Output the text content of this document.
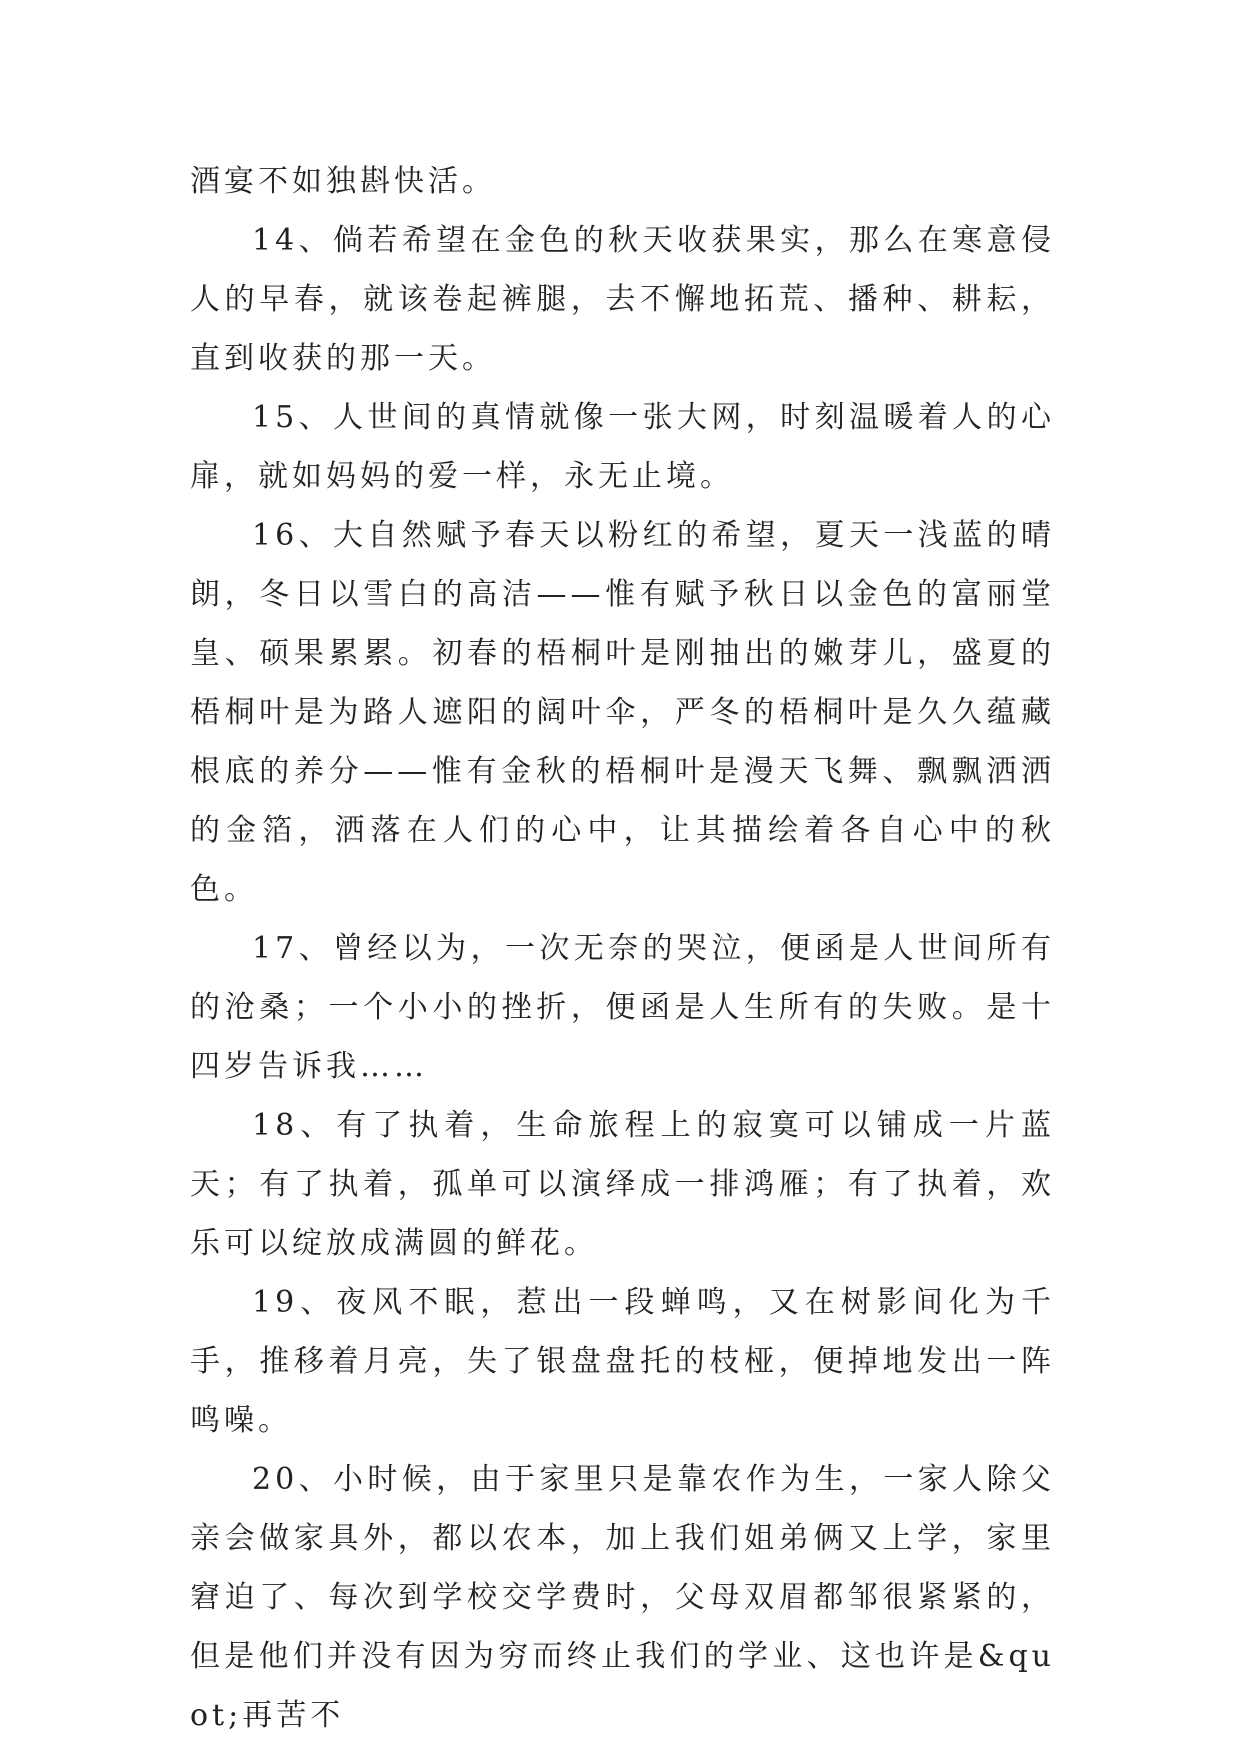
酒宴不如独斟快活。

14、倘若希望在金色的秋天收获果实，那么在寒意侵人的早春，就该卷起裤腿，去不懈地拓荒、播种、耕耘，直到收获的那一天。

15、人世间的真情就像一张大网，时刻温暖着人的心扉，就如妈妈的爱一样，永无止境。

16、大自然赋予春天以粉红的希望，夏天一浅蓝的晴朗，冬日以雪白的高洁——惟有赋予秋日以金色的富丽堂皇、硕果累累。初春的梧桐叶是刚抽出的嫩芽儿，盛夏的梧桐叶是为路人遮阳的阔叶伞，严冬的梧桐叶是久久蕴藏根底的养分——惟有金秋的梧桐叶是漫天飞舞、飘飘洒洒的金箔，洒落在人们的心中，让其描绘着各自心中的秋色。

17、曾经以为，一次无奈的哭泣，便函是人世间所有的沧桑；一个小小的挫折，便函是人生所有的失败。是十四岁告诉我……

18、有了执着，生命旅程上的寂寞可以铺成一片蓝天；有了执着，孤单可以演绎成一排鸿雁；有了执着，欢乐可以绽放成满圆的鲜花。

19、夜风不眠，惹出一段蝉鸣，又在树影间化为千手，推移着月亮，失了银盘盘托的枝桠，便掉地发出一阵鸣噪。

20、小时候，由于家里只是靠农作为生，一家人除父亲会做家具外，都以农本，加上我们姐弟俩又上学，家里窘迫了、每次到学校交学费时，父母双眉都邹很紧紧的，但是他们并没有因为穷而终止我们的学业、这也许是&quot;再苦不
